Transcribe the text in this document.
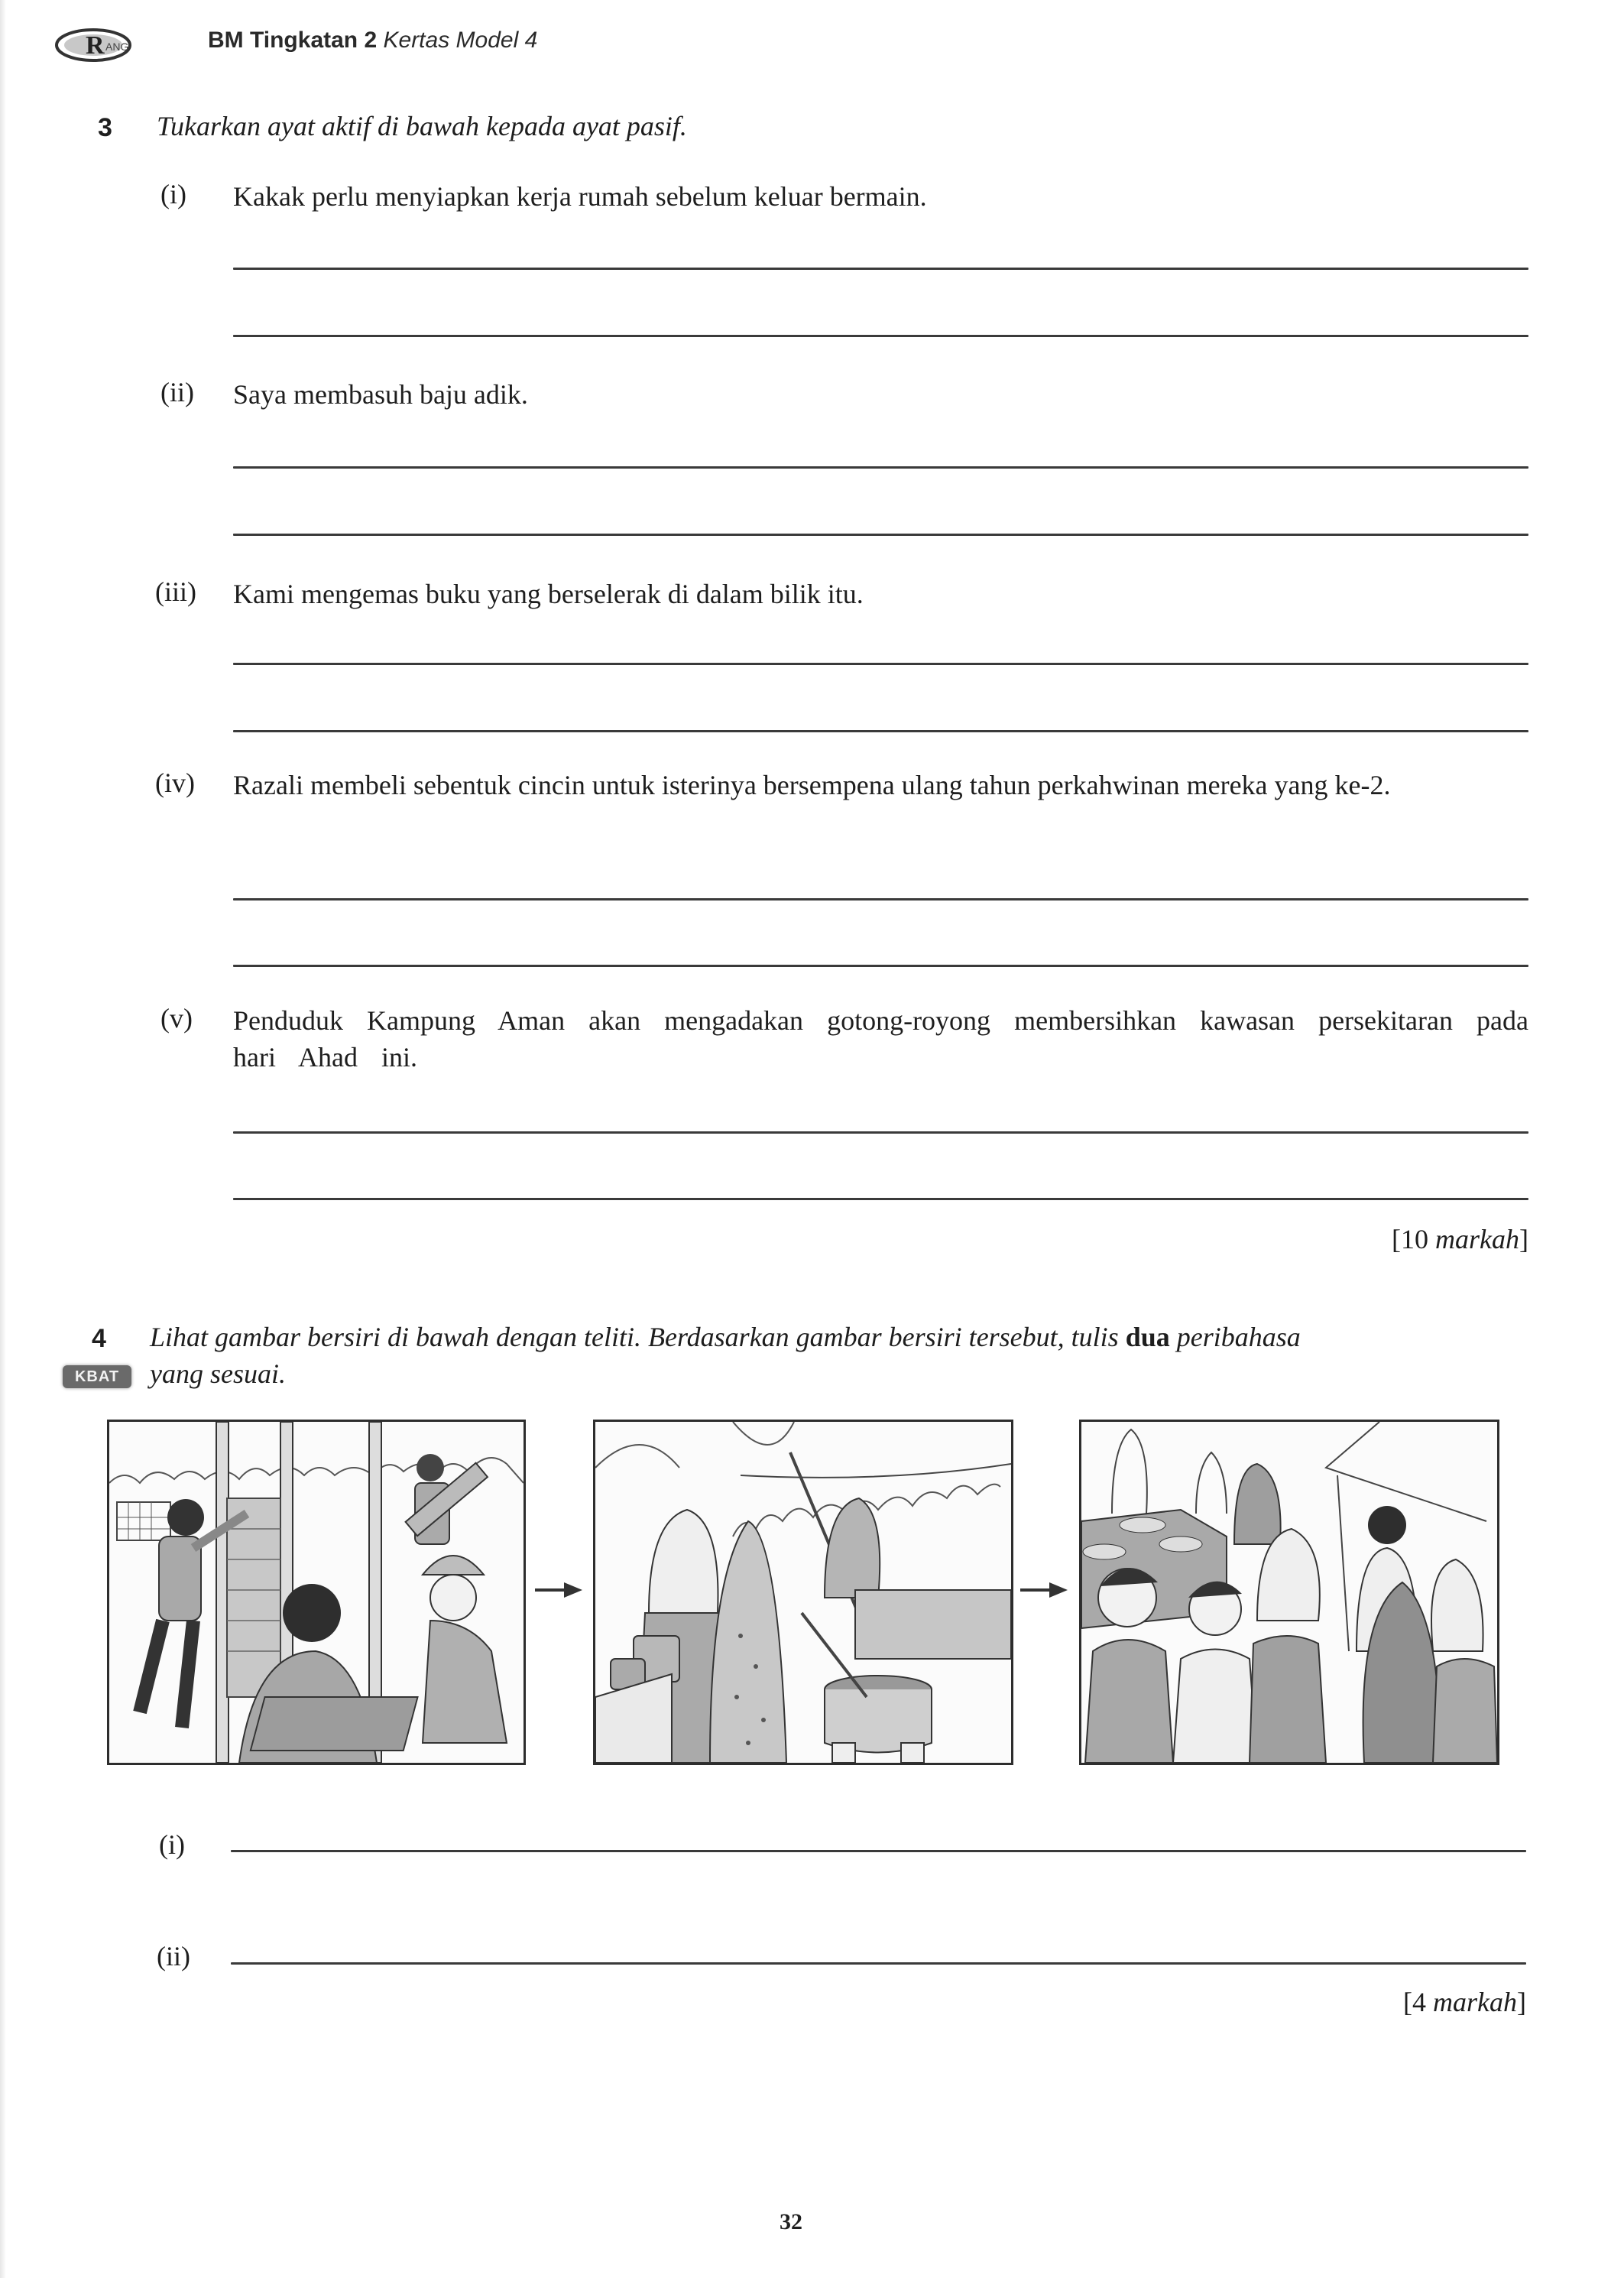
R ANG	BM Tingkatan 2 Kertas Model 4
3 Tukarkan ayat aktif di bawah kepada ayat pasif.
(i)	Kakak perlu menyiapkan kerja rumah sebelum keluar bermain.
(ii)	Saya membasuh baju adik.
(iii)	Kami mengemas buku yang berselerak di dalam bilik itu.
(iv)	Razali membeli sebentuk cincin untuk isterinya bersempena ulang tahun perkahwinan mereka yang ke-2.
(v)	Penduduk Kampung Aman akan mengadakan gotong-royong membersihkan kawasan persekitaran pada hari Ahad ini.
[10 markah]
4 Lihat gambar bersiri di bawah dengan teliti. Berdasarkan gambar bersiri tersebut, tulis dua peribahasa
KBAT	yang sesuai.
(i)
(ii)
[4 markah]
32
